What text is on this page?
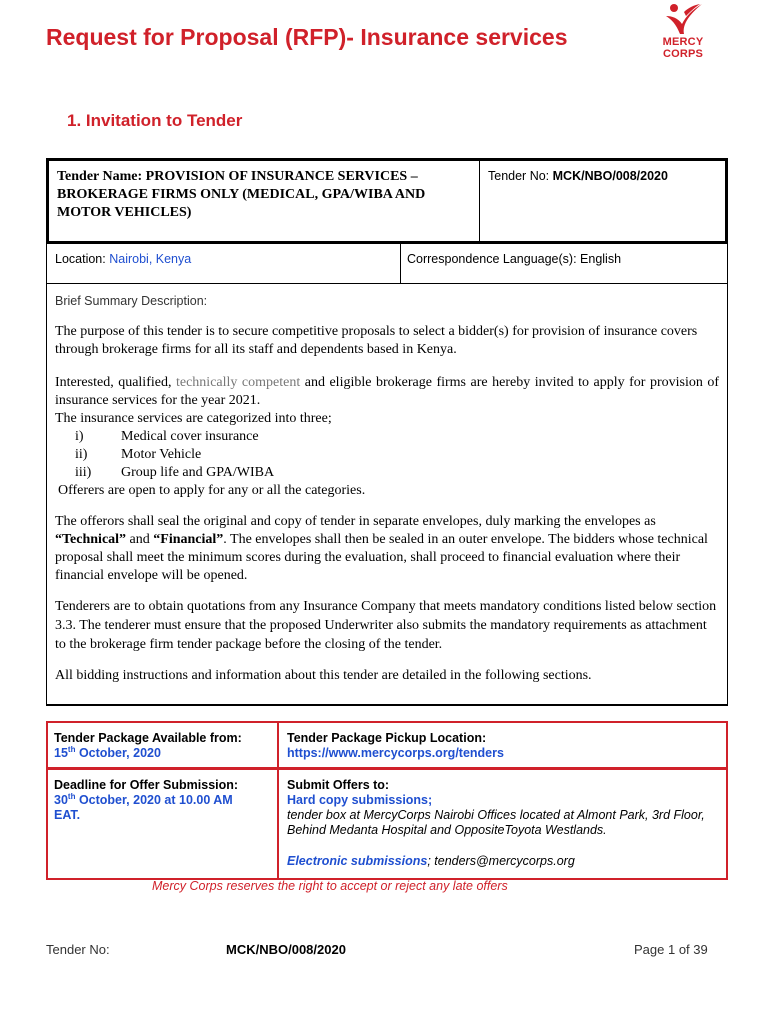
Request for Proposal (RFP)- Insurance services	MERCY
CORPS
1. Invitation to Tender
Tender Name: PROVISION OF INSURANCE SERVICES – BROKERAGE FIRMS ONLY (MEDICAL, GPA/WIBA AND MOTOR VEHICLES)
Tender No: MCK/NBO/008/2020
Location: Nairobi, Kenya	Correspondence Language(s): English
Brief Summary Description:
The purpose of this tender is to secure competitive proposals to select a bidder(s) for provision of insurance covers through brokerage firms for all its staff and dependents based in Kenya.
Interested, qualified, technically competent and eligible brokerage firms are hereby invited to apply for provision of insurance services for the year 2021.
The insurance services are categorized into three;
i)	Medical cover insurance
ii) Motor Vehicle
iii) Group life and GPA/WIBA
Offerers are open to apply for any or all the categories.
The offerors shall seal the original and copy of tender in separate envelopes, duly marking the envelopes as “Technical” and “Financial”. The envelopes shall then be sealed in an outer envelope. The bidders whose technical proposal shall meet the minimum scores during the evaluation, shall proceed to financial evaluation where their financial envelope will be opened.
Tenderers are to obtain quotations from any Insurance Company that meets mandatory conditions listed below section 3.3. The tenderer must ensure that the proposed Underwriter also submits the mandatory requirements as attachment to the brokerage firm tender package before the closing of the tender.
All bidding instructions and information about this tender are detailed in the following sections.
Tender Package Available from:
15th October, 2020
Tender Package Pickup Location:
https://www.mercycorps.org/tenders
Deadline for Offer Submission:
30th October, 2020 at 10.00 AM
EAT.
Submit Offers to:
Hard copy submissions;
tender box at MercyCorps Nairobi Offices located at Almont Park, 3rd Floor, Behind Medanta Hospital and OppositeToyota Westlands.
Electronic submissions; tenders@mercycorps.org
Mercy Corps reserves the right to accept or reject any late offers
Tender No:	MCK/NBO/008/2020	Page 1 of 39
